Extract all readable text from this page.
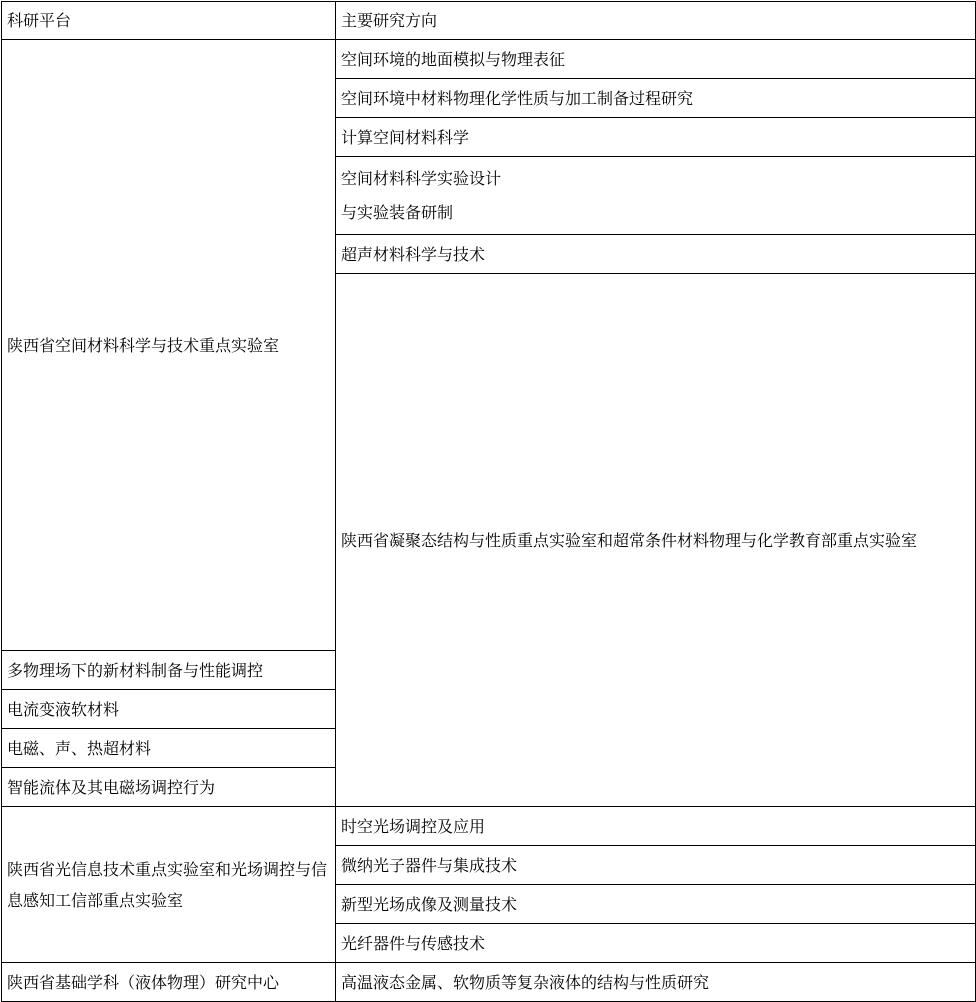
科研平台	主要研究方向	

陕西省空间材料科学与技术重点实验室	空间环境的地面模拟与物理表征	
	空间环境中材料物理化学性质与加工制备过程研究	
	计算空间材料科学	

	空间材料科学实验设计
与实验装备研制	

	超声材料科学与技术	

	陕西省凝聚态结构与性质重点实验室和超常条件材料物理与化学教育部重点实验室

多物理场下的新材料制备与性能调控		
电流变液软材料		
电磁、声、热超材料		
智能流体及其电磁场调控行为		

陕西省光信息技术重点实验室和光场调控与信息感知工信部重点实验室	时空光场调控及应用	
	微纳光子器件与集成技术	
	新型光场成像及测量技术	
	光纤器件与传感技术	

陕西省基础学科（液体物理）研究中心	高温液态金属、软物质等复杂液体的结构与性质研究	
